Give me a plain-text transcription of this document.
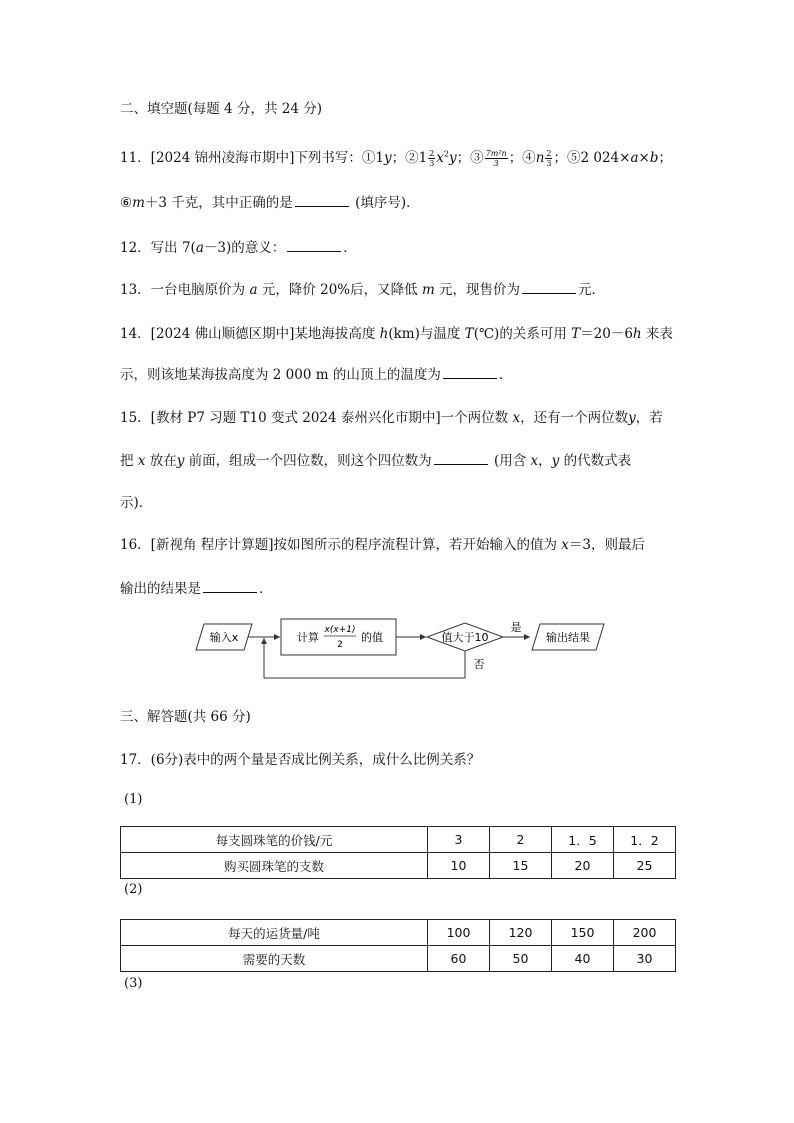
二、填空题(每题 4 分，共 24 分)
11．[2024 锦州凌海市期中]下列书写：①1y；②1 $\frac{2}{3} x^2y$；③ $\frac{\text{7m²n}}{3}$ ；④n $\frac{2}{3}$ ；⑤2 024×a×b；
⑥m＋3 千克，其中正确的是	(填序号)．
12．写出 7(a－3)的意义：	．
13．一台电脑原价为 a 元，降价 20%后，又降低 m 元，现售价为	元．
14．[2024 佛山顺德区期中]某地海拔高度 h(km)与温度 T(℃)的关系可用 T＝20－6h 来表
示，则该地某海拔高度为 2 000 m 的山顶上的温度为	．
15．[教材 P7 习题 T10 变式 2024 泰州兴化市期中]一个两位数 x，还有一个两位数y，若
把 x 放在y 前面，组成一个四位数，则这个四位数为	(用含 x，y 的代数式表
示)．
16．[新视角 程序计算题]按如图所示的程序流程计算，若开始输入的值为 x＝3，则最后
输出的结果是	．
输入x	计算
x(x+1)
2
的值	值大于10
是
输出结果
否
三、解答题(共 66 分)
17．(6分)表中的两个量是否成比例关系，成什么比例关系？
(1)
每支圆珠笔的价钱/元	3	2	1．5	1．2
购买圆珠笔的支数	10	15	20	25
(2)
每天的运货量/吨	100	120	150	200
需要的天数	60	50	40	30
(3)
